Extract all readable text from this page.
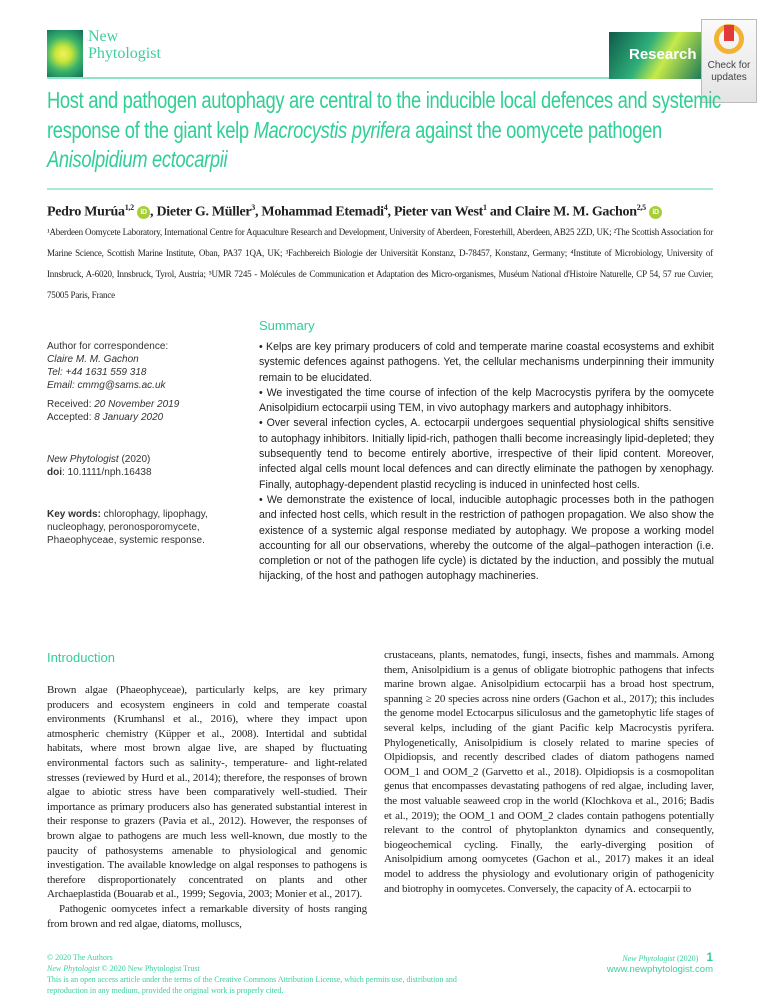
New
Phytologist	Research
Check for
updates
Host and pathogen autophagy are central to the inducible local defences and systemic response of the giant kelp Macrocystis pyrifera against the oomycete pathogen Anisolpidium ectocarpii
Pedro Murúa$^{1,2}$ iD , Dieter G. Müller$^3$, Mohammad Etemadi$^4$, Pieter van West$^1$ and Claire M. M. Gachon$^{2,5}$ iD
¹Aberdeen Oomycete Laboratory, International Centre for Aquaculture Research and Development, University of Aberdeen, Foresterhill, Aberdeen, AB25 2ZD, UK; ²The Scottish Association for Marine Science, Scottish Marine Institute, Oban, PA37 1QA, UK; ³Fachbereich Biologie der Universität Konstanz, D-78457, Konstanz, Germany; ⁴Institute of Microbiology, University of Innsbruck, A-6020, Innsbruck, Tyrol, Austria; ⁵UMR 7245 - Molécules de Communication et Adaptation des Micro-organismes, Muséum National d'Histoire Naturelle, CP 54, 57 rue Cuvier, 75005 Paris, France
Author for correspondence:
Claire M. M. Gachon
Tel: +44 1631 559 318
Email: cmmg@sams.ac.uk
Received: 20 November 2019
Accepted: 8 January 2020
New Phytologist (2020)
doi: 10.1111/nph.16438
Key words: chlorophagy, lipophagy, nucleophagy, peronosporomycete, Phaeophyceae, systemic response.
Summary

• Kelps are key primary producers of cold and temperate marine coastal ecosystems and exhibit systemic defences against pathogens. Yet, the cellular mechanisms underpinning their immunity remain to be elucidated.

• We investigated the time course of infection of the kelp Macrocystis pyrifera by the oomycete Anisolpidium ectocarpii using TEM, in vivo autophagy markers and autophagy inhibitors.

• Over several infection cycles, A. ectocarpii undergoes sequential physiological shifts sensitive to autophagy inhibitors. Initially lipid-rich, pathogen thalli become increasingly lipid-depleted; they subsequently tend to become entirely abortive, irrespective of their lipid content. Moreover, infected algal cells mount local defences and can directly eliminate the pathogen by xenophagy. Finally, autophagy-dependent plastid recycling is induced in uninfected host cells.

• We demonstrate the existence of local, inducible autophagic processes both in the pathogen and infected host cells, which result in the restriction of pathogen propagation. We also show the existence of a systemic algal response mediated by autophagy. We propose a working model accounting for all our observations, whereby the outcome of the algal–pathogen interaction (i.e. completion or not of the pathogen life cycle) is dictated by the induction, and possibly the mutual hijacking, of the host and pathogen autophagy machineries.

Introduction

Brown algae (Phaeophyceae), particularly kelps, are key primary producers and ecosystem engineers in cold and temperate coastal environments (Krumhansl et al., 2016), where they impact upon atmospheric chemistry (Küpper et al., 2008). Intertidal and subtidal habitats, where most brown algae live, are shaped by fluctuating environmental factors such as salinity-, temperature- and light-related stresses (reviewed by Hurd et al., 2014); therefore, the responses of brown algae to abiotic stress have been comparatively well-studied. Their importance as primary producers also has generated substantial interest in their response to grazers (Pavia et al., 2012). However, the responses of brown algae to pathogens are much less well-known, due mostly to the paucity of pathosystems amenable to physiological and genomic investigation. The available knowledge on algal responses to pathogens is therefore disproportionately concentrated on plants and other Archaeplastida (Bouarab et al., 1999; Segovia, 2003; Monier et al., 2017).

Pathogenic oomycetes infect a remarkable diversity of hosts ranging from brown and red algae, diatoms, molluscs,

crustaceans, plants, nematodes, fungi, insects, fishes and mammals. Among them, Anisolpidium is a genus of obligate biotrophic pathogens that infects marine brown algae. Anisolpidium ectocarpii has a broad host spectrum, spanning ≥ 20 species across nine orders (Gachon et al., 2017); this includes the genome model Ectocarpus siliculosus and the gametophytic life stages of several kelps, including of the giant Pacific kelp Macrocystis pyrifera. Phylogenetically, Anisolpidium is closely related to marine species of Olpidiopsis, and recently described clades of diatom pathogens named OOM_1 and OOM_2 (Garvetto et al., 2018). Olpidiopsis is a cosmopolitan genus that encompasses devastating pathogens of red algae, including laver, the most valuable seaweed crop in the world (Klochkova et al., 2016; Badis et al., 2019); the OOM_1 and OOM_2 clades contain pathogens potentially relevant to the control of phytoplankton dynamics and consequently, biogeochemical cycling. Finally, the early-diverging position of Anisolpidium among oomycetes (Gachon et al., 2017) makes it an ideal model to address the physiology and evolutionary origin of pathogenicity and biotrophy in oomycetes. Conversely, the capacity of A. ectocarpii to

© 2020 The Authors
New Phytologist © 2020 New Phytologist Trust
This is an open access article under the terms of the Creative Commons Attribution License, which permits use, distribution and reproduction in any medium, provided the original work is properly cited.
New Phytologist (2020) 1
www.newphytologist.com
